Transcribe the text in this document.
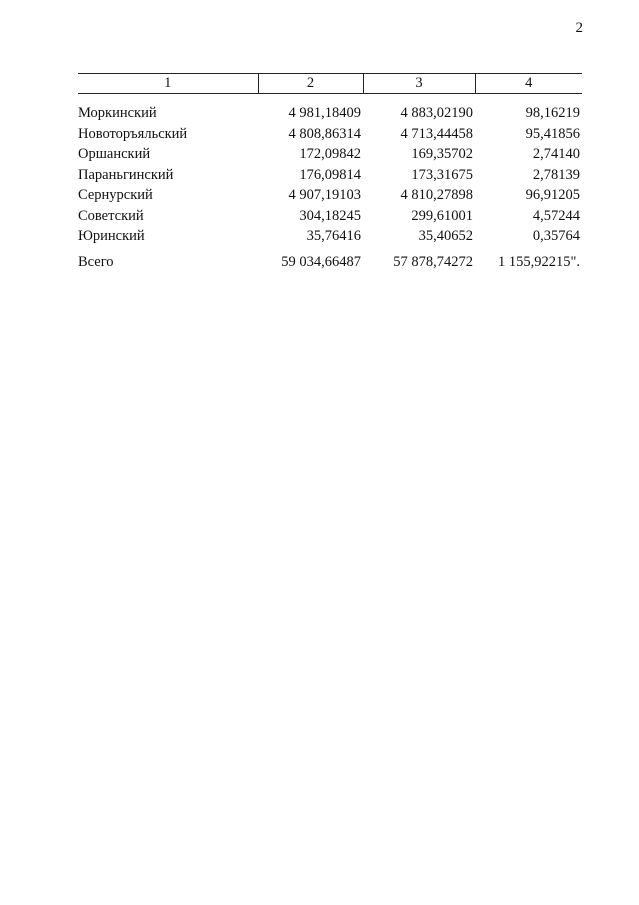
2
1	2	3	4

Моркинский	4 981,18409	4 883,02190	98,16219
Новоторъяльский	4 808,86314	4 713,44458	95,41856
Оршанский	172,09842	169,35702	2,74140
Параньгинский	176,09814	173,31675	2,78139
Сернурский	4 907,19103	4 810,27898	96,91205
Советский	304,18245	299,61001	4,57244
Юринский	35,76416	35,40652	0,35764

Всего	59 034,66487	57 878,74272	1 155,92215".
